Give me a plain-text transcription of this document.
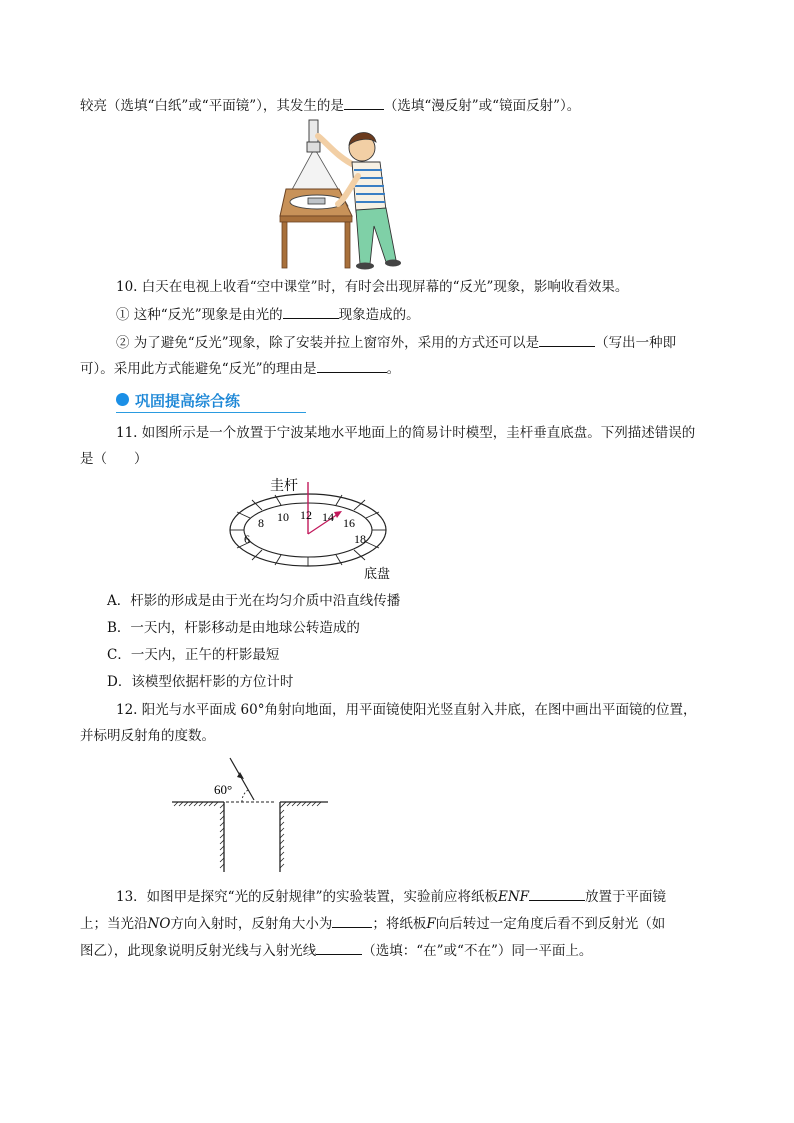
较亮（选填“白纸”或“平面镜”），其发生的是	（选填“漫反射”或“镜面反射”）。
10. 白天在电视上收看“空中课堂”时，有时会出现屏幕的“反光”现象，影响收看效果。
① 这种“反光”现象是由光的	现象造成的。
② 为了避免“反光”现象，除了安装并拉上窗帘外，采用的方式还可以是	（写出一种即
可）。采用此方式能避免“反光”的理由是	。
巩固提高综合练
11. 如图所示是一个放置于宁波某地水平地面上的简易计时模型，圭杆垂直底盘。下列描述错误的
是（　　）
圭杆
底盘
6
8 10 12 14 16
18
A．杆影的形成是由于光在均匀介质中沿直线传播
B．一天内，杆影移动是由地球公转造成的
C．一天内，正午的杆影最短
D．该模型依据杆影的方位计时
12. 阳光与水平面成 60°角射向地面，用平面镜使阳光竖直射入井底，在图中画出平面镜的位置，
并标明反射角的度数。
60°
13．如图甲是探究“光的反射规律”的实验装置，实验前应将纸板ENF	放置于平面镜
上；当光沿NO方向入射时，反射角大小为	；将纸板F向后转过一定角度后看不到反射光（如
图乙），此现象说明反射光线与入射光线	（选填：“在”或“不在”）同一平面上。
